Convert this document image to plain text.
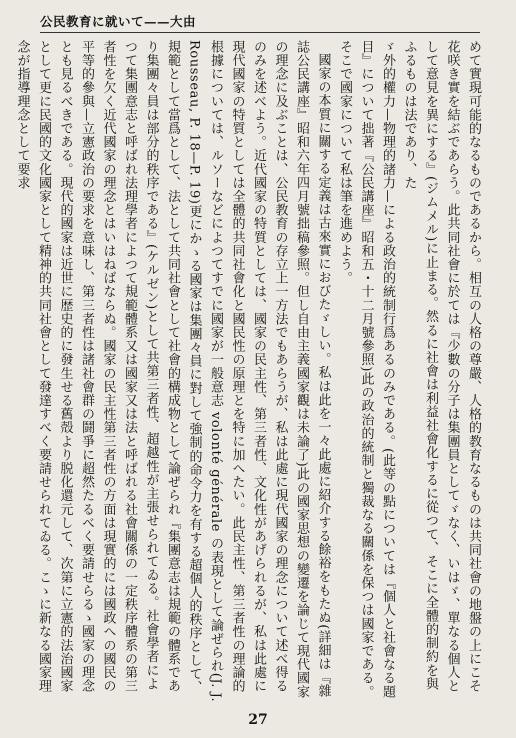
公民教育に就いて——大由

めて實現可能的なるものであるから。相互の人格の尊嚴、人格的教育なるものは共同社會の地盤の上にこそ花咲き實を結ぶであらう。此共同社會に於ては『少數の分子は集團員としてゞなく、いはゞ、單なる個人として意見を異にする』(ジムメル)に止まる。然るに社會は利益社會化するに從つて、そこに全體的制約を與ふるものは法であり、た

ゞ外的權力—物理的諸力—による政治的統制行爲あるのみである。(此等の點については『個人と社會なる題目』について拙著『公民講座』昭和五・十二月號參照)此の政治的統制と獨裁なる關係を保つは國家である。そこで國家について私は筆を進めよう。

國家の本質に關する定義は古來實におびたゞしい。私は此を一々此處に紹介する餘裕をもたぬ(詳細は『雜誌公民講座』昭和六年四月號拙稿參照。但し自由主義國家觀は未論了)此の國家思想の變遷を論じて現代國家の理念に及ぶことは、公民教育の存立上一方法でもあらうが、私は此處に現代國家の理念について述べ得るのみを述べよう。近代國家の特質としては、國家の民主性、第三者性、文化性があげられるが、私は此處に現代國家の特質としては全體的共同社會化と國民性の原理とを特に加へたい。此民主性、第三者性の理論的根據については、ルソーなどによつてすでに國家が一般意志 volonté générale の表現として論ぜられ(J. J. Rousseau, P. 18—P. 19)更にかゝる國家は集團々員に對して強制的命令力を有する超個人的秩序として、規範として當爲として、法として共同社會として社會的構成物として論ぜられ『集團意志は規範の體系であり集團々員は部分的秩序である』(ケルゼン)として共第三者性、超越性が主張せられてゐる。社會學者によつて集團意志と呼ばれ法理學者によつて規範體系又は國家又は法と呼ばれる社會關係の一定秩序體系の第三者性を欠く近代國家の理念とはいはねばならぬ。國家の民主性第三者性の方面は現實的には國政への國民の平等的參與—立憲政治の要求を意味し、第三者性は諸社會群の鬪爭に超然たるべく要請せらるゝ國家の理念とも見るべきである。現代的國家は近世に歴史的に發生せる舊殻より脱化還元して、次第に立憲的法治國家として更に民國的文化國家として精神的共同社會として發達すべく要請せられてゐる。こゝに新なる國家理念が指導理念として要求

27
